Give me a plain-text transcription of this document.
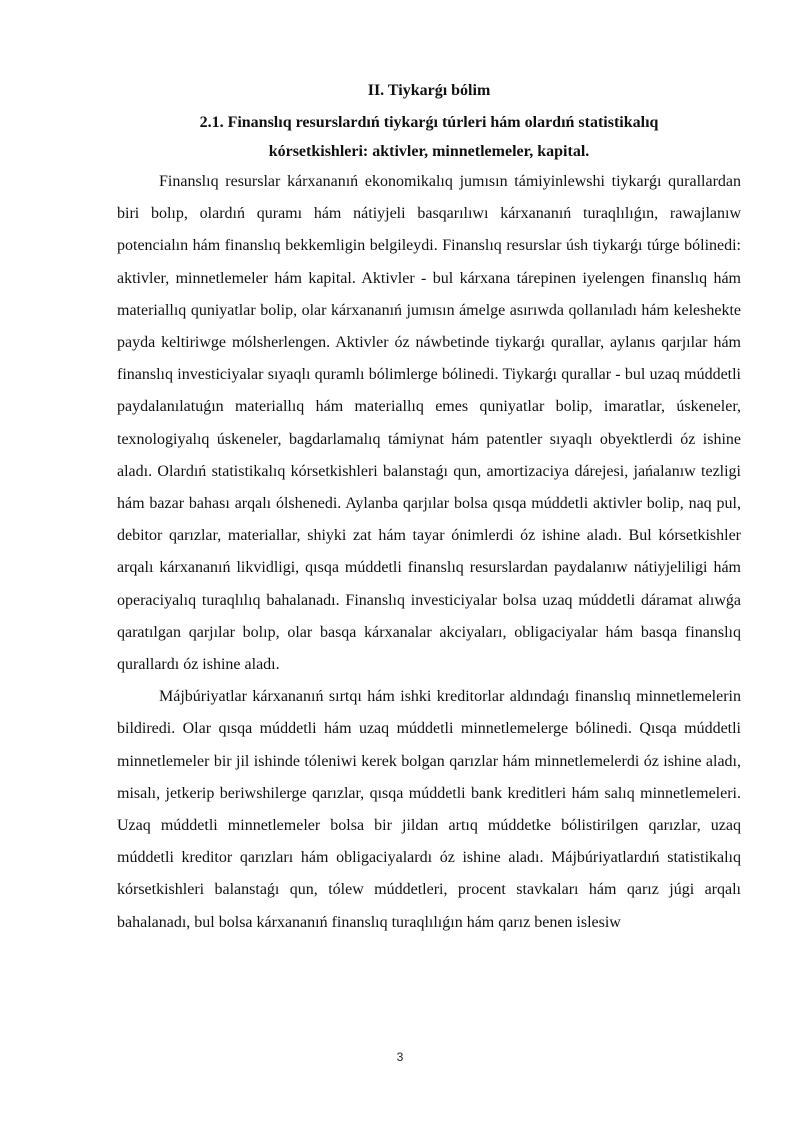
II. Tiykarǵı bólim
2.1. Finanslıq resurslardıń tiykarǵı túrleri hám olardıń statistikalıq
kórsetkishleri: aktivler, minnetlemeler, kapital.

Finanslıq resurslar kárxananıń ekonomikalıq jumısın támiyinlewshi tiykarǵı qurallardan biri bolıp, olardıń quramı hám nátiyjeli basqarılıwı kárxananıń turaqlılıǵın, rawajlanıw potencialın hám finanslıq bekkemligin belgileydi. Finanslıq resurslar úsh tiykarǵı túrge bólinedi: aktivler, minnetlemeler hám kapital. Aktivler - bul kárxana tárepinen iyelengen finanslıq hám materiallıq quniyatlar bolip, olar kárxananıń jumısın ámelge asırıwda qollanıladı hám keleshekte payda keltiriwge mólsherlengen. Aktivler óz náwbetinde tiykarǵı qurallar, aylanıs qarjılar hám finanslıq investiciyalar sıyaqlı quramlı bólimlerge bólinedi. Tiykarǵı qurallar - bul uzaq múddetli paydalanılatuǵın materiallıq hám materiallıq emes quniyatlar bolip, imaratlar, úskeneler, texnologiyalıq úskeneler, bagdarlamalıq támiynat hám patentler sıyaqlı obyektlerdi óz ishine aladı. Olardıń statistikalıq kórsetkishleri balanstaǵı qun, amortizaciya dárejesi, jańalanıw tezligi hám bazar bahası arqalı ólshenedi. Aylanba qarjılar bolsa qısqa múddetli aktivler bolip, naq pul, debitor qarızlar, materiallar, shiyki zat hám tayar ónimlerdi óz ishine aladı. Bul kórsetkishler arqalı kárxananıń likvidligi, qısqa múddetli finanslıq resurslardan paydalanıw nátiyjeliligi hám operaciyalıq turaqlılıq bahalanadı. Finanslıq investiciyalar bolsa uzaq múddetli dáramat alıwǵa qaratılgan qarjılar bolıp, olar basqa kárxanalar akciyaları, obligaciyalar hám basqa finanslıq qurallardı óz ishine aladı.

Májbúriyatlar kárxananıń sırtqı hám ishki kreditorlar aldındaǵı finanslıq minnetlemelerin bildiredi. Olar qısqa múddetli hám uzaq múddetli minnetlemelerge bólinedi. Qısqa múddetli minnetlemeler bir jil ishinde tóleniwi kerek bolgan qarızlar hám minnetlemelerdi óz ishine aladı, misalı, jetkerip beriwshilerge qarızlar, qısqa múddetli bank kreditleri hám salıq minnetlemeleri. Uzaq múddetli minnetlemeler bolsa bir jildan artıq múddetke bólistirilgen qarızlar, uzaq múddetli kreditor qarızları hám obligaciyalardı óz ishine aladı. Májbúriyatlardıń statistikalıq kórsetkishleri balanstaǵı qun, tólew múddetleri, procent stavkaları hám qarız júgi arqalı bahalanadı, bul bolsa kárxananıń finanslıq turaqlılıǵın hám qarız benen islesiw

3
